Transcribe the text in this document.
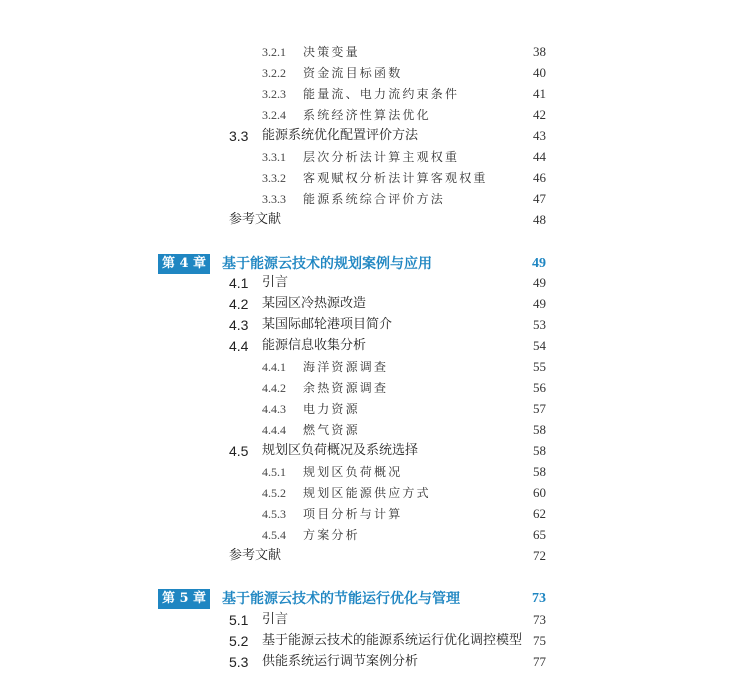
3.2.1 决策变量	38
3.2.2 资金流目标函数	40
3.2.3 能量流、电力流约束条件	41
3.2.4 系统经济性算法优化	42
3.3 能源系统优化配置评价方法	43
3.3.1 层次分析法计算主观权重	44
3.3.2 客观赋权分析法计算客观权重	46
3.3.3 能源系统综合评价方法	47
参考文献	48
第 4 章 基于能源云技术的规划案例与应用	49
4.1 引言	49
4.2 某园区冷热源改造	49
4.3 某国际邮轮港项目简介	53
4.4 能源信息收集分析	54
4.4.1 海洋资源调查	55
4.4.2 余热资源调查	56
4.4.3 电力资源	57
4.4.4 燃气资源	58
4.5 规划区负荷概况及系统选择	58
4.5.1 规划区负荷概况	58
4.5.2 规划区能源供应方式	60
4.5.3 项目分析与计算	62
4.5.4 方案分析	65
参考文献	72
第 5 章 基于能源云技术的节能运行优化与管理	73
5.1 引言	73
5.2 基于能源云技术的能源系统运行优化调控模型 75
5.3 供能系统运行调节案例分析	77
